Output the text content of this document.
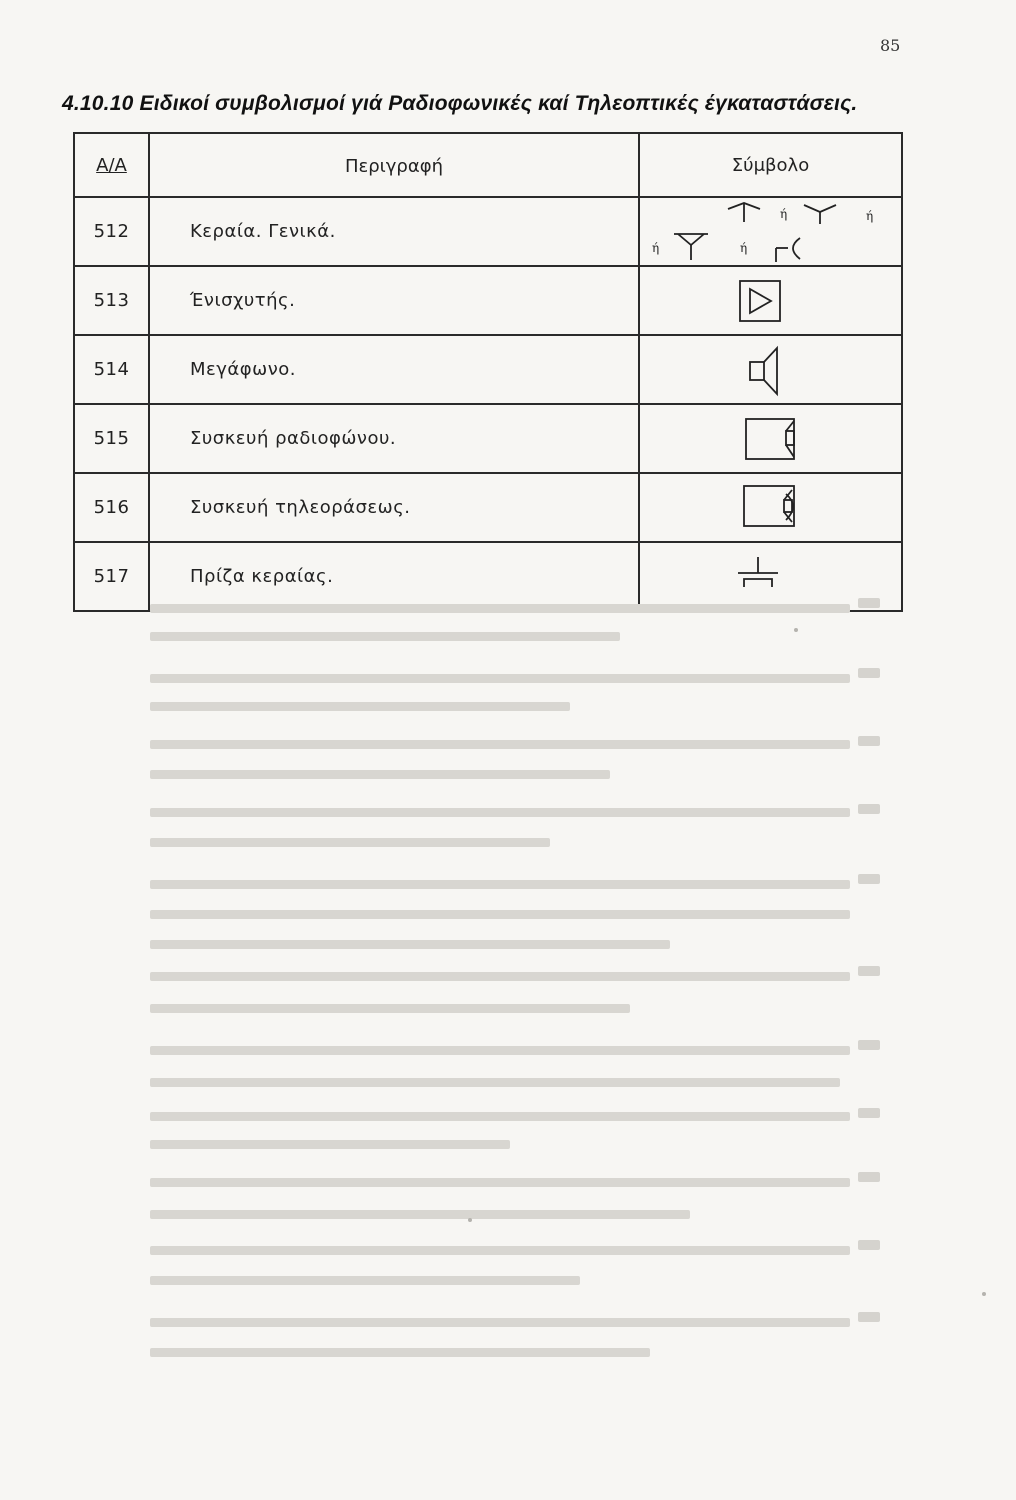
85
4.10.10 Ειδικοί συμβολισμοί γιά Ραδιοφωνικές καί Τηλεοπτικές έγκαταστάσεις.
Α/Α	Περιγραφή	Σύμβολο
512	Κεραία. Γενικά.	ή ή
ή ή

513	Ένισχυτής.	

514	Μεγάφωνο.	

515	Συσκευή ραδιοφώνου.	

516	Συσκευή τηλεοράσεως.	

517	Πρίζα κεραίας.	
